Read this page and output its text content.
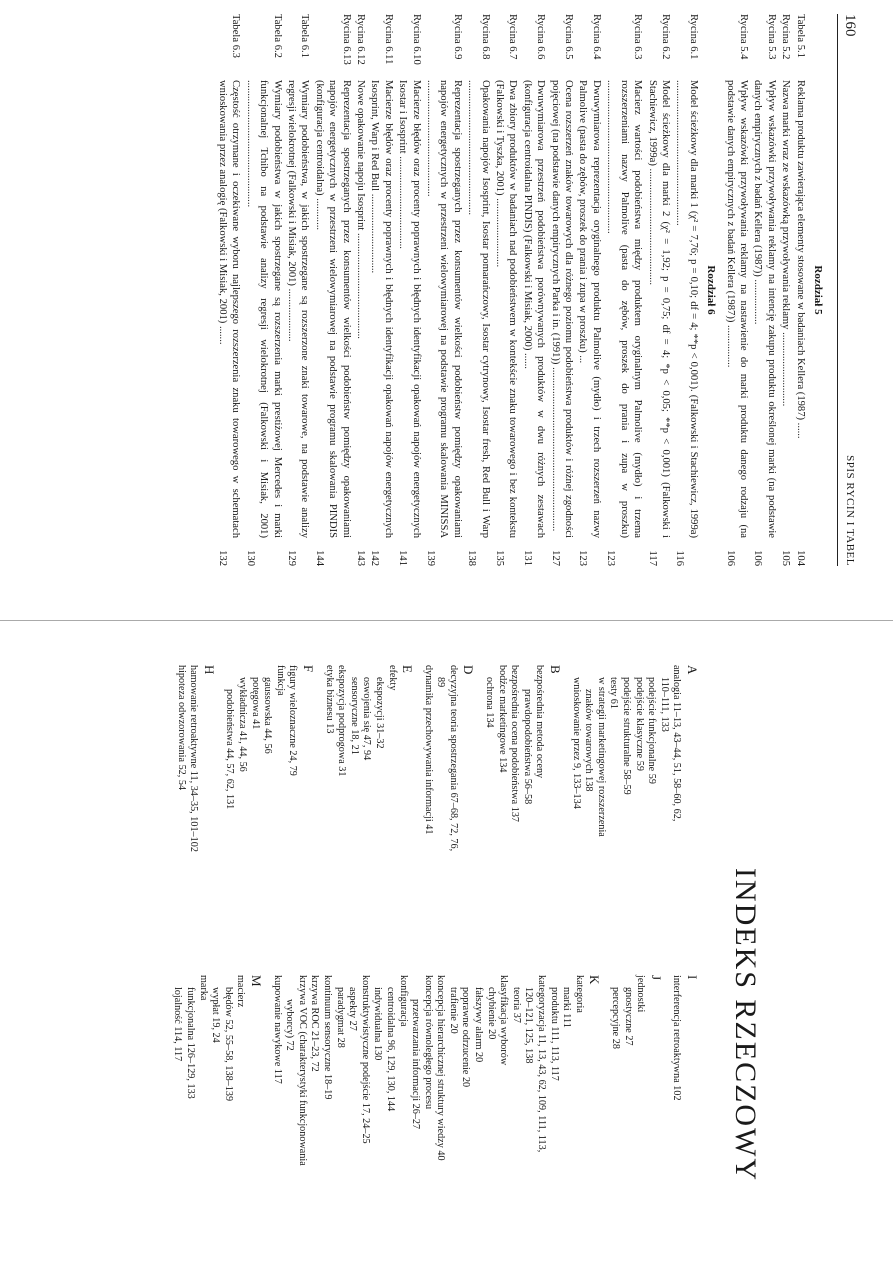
160
SPIS RYCIN I TABEL
Rozdział 5
Tabela 5.1
Reklama produktu zawierająca elementy stosowane w badaniach Kellera (1987) ......
104
Rycina 5.2
Nazwa marki wraz ze wskazówką przywoływania reklamy ............................
105
Rycina 5.3
Wpływ wskazówki przywoływania reklamy na intencję zakupu produktu określonej marki (na podstawie danych empirycznych z badań Kellera (1987)) .................
106
Rycina 5.4
Wpływ wskazówki przywoływania reklamy na nastawienie do marki produktu danego rodzaju (na podstawie danych empirycznych z badań Kellera (1987)) ................
106
Rozdział 6
Rycina 6.1
Model ścieżkowy dla marki 1 (χ² = 7,76; p = 0,10; df = 4; **p < 0,001). (Falkowski i Stachiewicz, 1999a) .......................................................
116
Rycina 6.2
Model ścieżkowy dla marki 2 (χ² = 1,92; p = 0,75; df = 4; *p < 0,05; **p < 0,001) (Falkowski i Stachiewicz, 1999a) ............................................
117
Rycina 6.3
Macierz wartości podobieństwa między produktem oryginalnym Palmolive (mydło) i trzema rozszerzeniami nazwy Palmolive (pasta do zębów, proszek do prania i zupa w proszku) ..........................................................
123
Rycina 6.4
Dwuwymiarowa reprezentacja oryginalnego produktu Palmolive (mydło) i trzech rozszerzeń nazwy Palmolive (pasta do zębów, proszek do prania i zupa w proszku) ...
123
Rycina 6.5
Ocena rozszerzeń znaków towarowych dla różnego poziomu podobieństwa produktów i różnej zgodności pojęciowej (na podstawie danych empirycznych Parka i in. (1991)) ..............................................................
127
Rycina 6.6
Dwuwymiarowa przestrzeń podobieństwa porównywanych produktów w dwu różnych zestawach (konfiguracja centroidalna PINDIS) (Falkowski i Misiak, 2000) ......
131
Rycina 6.7
Dwa zbiory produktów w badaniach nad podobieństwem w kontekście znaku towarowego i bez kontekstu (Falkowski i Tyszka, 2001) ..........................
135
Rycina 6.8
Opakowania napojów Isosprint, Isostar pomarańczowy, Isostar cytrynowy, Isostar fresh, Red Bull i Warp ...................................................
138
Rycina 6.9
Reprezentacja spostrzeganych przez konsumentów wielkości podobieństw pomiędzy opakowaniami napojów energetycznych w przestrzeni wielowymiarowej na podstawie programu skalowania MINISSA ............................................
139
Rycina 6.10
Macierze błędów oraz procenty poprawnych i błędnych identyfikacji opakowań napojów energetycznych Isostar i Isosprint ...................................
141
Rycina 6.11
Macierze błędów oraz procenty poprawnych i błędnych identyfikacji opakowań napojów energetycznych Isosprint, Warp i Red Bull ..............................
142
Rycina 6.12
Nowe opakowanie napoju Isosprint ........................................
143
Rycina 6.13
Reprezentacja spostrzeganych przez konsumentów wielkości podobieństw pomiędzy opakowaniami napojów energetycznych w przestrzeni wielowymiarowej na podstawie programu skalowania PINDIS (konfiguracja centroidalna) ............
144
Tabela 6.1
Wymiary podobieństwa, w jakich spostrzegane są rozszerzone znaki towarowe, na podstawie analizy regresji wielokrotnej (Falkowski i Misiak, 2001) ....................
129
Tabela 6.2
Wymiary podobieństwa w jakich spostrzegane są rozszerzenia marki prestiżowej Mercedes i marki funkcjonalnej Tchibo na podstawie analizy regresji wielokrotnej (Falkowski i Misiak, 2001) ................................................
130
Tabela 6.3
Częstość otrzymane i oczekiwane wyboru najlepszego rozszerzenia znaku towarowego w schematach wnioskowania przez analogię (Falkowski i Misiak, 2001) .......
132
INDEKS RZECZOWY
A
analogia 11–13, 43–44, 51, 58–60, 62,
110–111, 133
podejście funkcjonalne 59
podejście klasyczne 59
podejście strukturalne 58–59
testy 61
w strategii marketingowej rozszerzenia
znaków towarowych 138
wnioskowanie przez 9, 133–134
B
bezpośrednia metoda oceny
prawdopodobieństwa 56–58
bezpośrednia ocena podobieństwa 137
bodźce marketingowe 134
ochrona 134
D
decyzyjna teoria spostrzegania 67–68, 72, 76,
89
dynamika przechowywania informacji 41
E
efekty
ekspozycji 31–32
oswojenia się 47, 94
sensoryczne 18, 21
ekspozycja podprogowa 31
etyka biznesu 13
F
figury wieloznaczne 24, 79
funkcja
gaussowska 44, 56
potęgowa 41
wykładnicza 41, 44, 56
podobieństwa 44, 57, 62, 131
H
hamowanie retroaktywne 11, 34–35, 101–102
hipoteza odwzorowania 52, 54
I
interferencja retroaktywna 102
J
jednostki
gnostyczne 27
percepcyjne 28
K
kategoria
marki 111
produktu 111, 113, 117
kategoryzacja 11, 13, 43, 62, 109, 111, 113,
120–121, 125, 138
teoria 37
klasyfikacja wyborów
chybienie 20
fałszywy alarm 20
poprawne odrzucenie 20
trafienie 20
koncepcja hierarchicznej struktury wiedzy 40
koncepcja równoległego procesu
przetwarzania informacji 26–27
konfiguracja
centroidalna 96, 129, 130, 144
indywidualna 130
konstruktywistyczne podejście 17, 24–25
aspekty 27
paradygmat 28
kontinuum sensoryczne 18–19
krzywa ROC 21–23, 72
krzywa VOC (charakterystyki funkcjonowania
wyborcy) 72
kupowanie nawykowe 117
M
macierz
błędów 52, 55–58, 138–139
wypłat 19, 24
marka
funkcjonalna 126–129, 133
lojalność 114, 117
